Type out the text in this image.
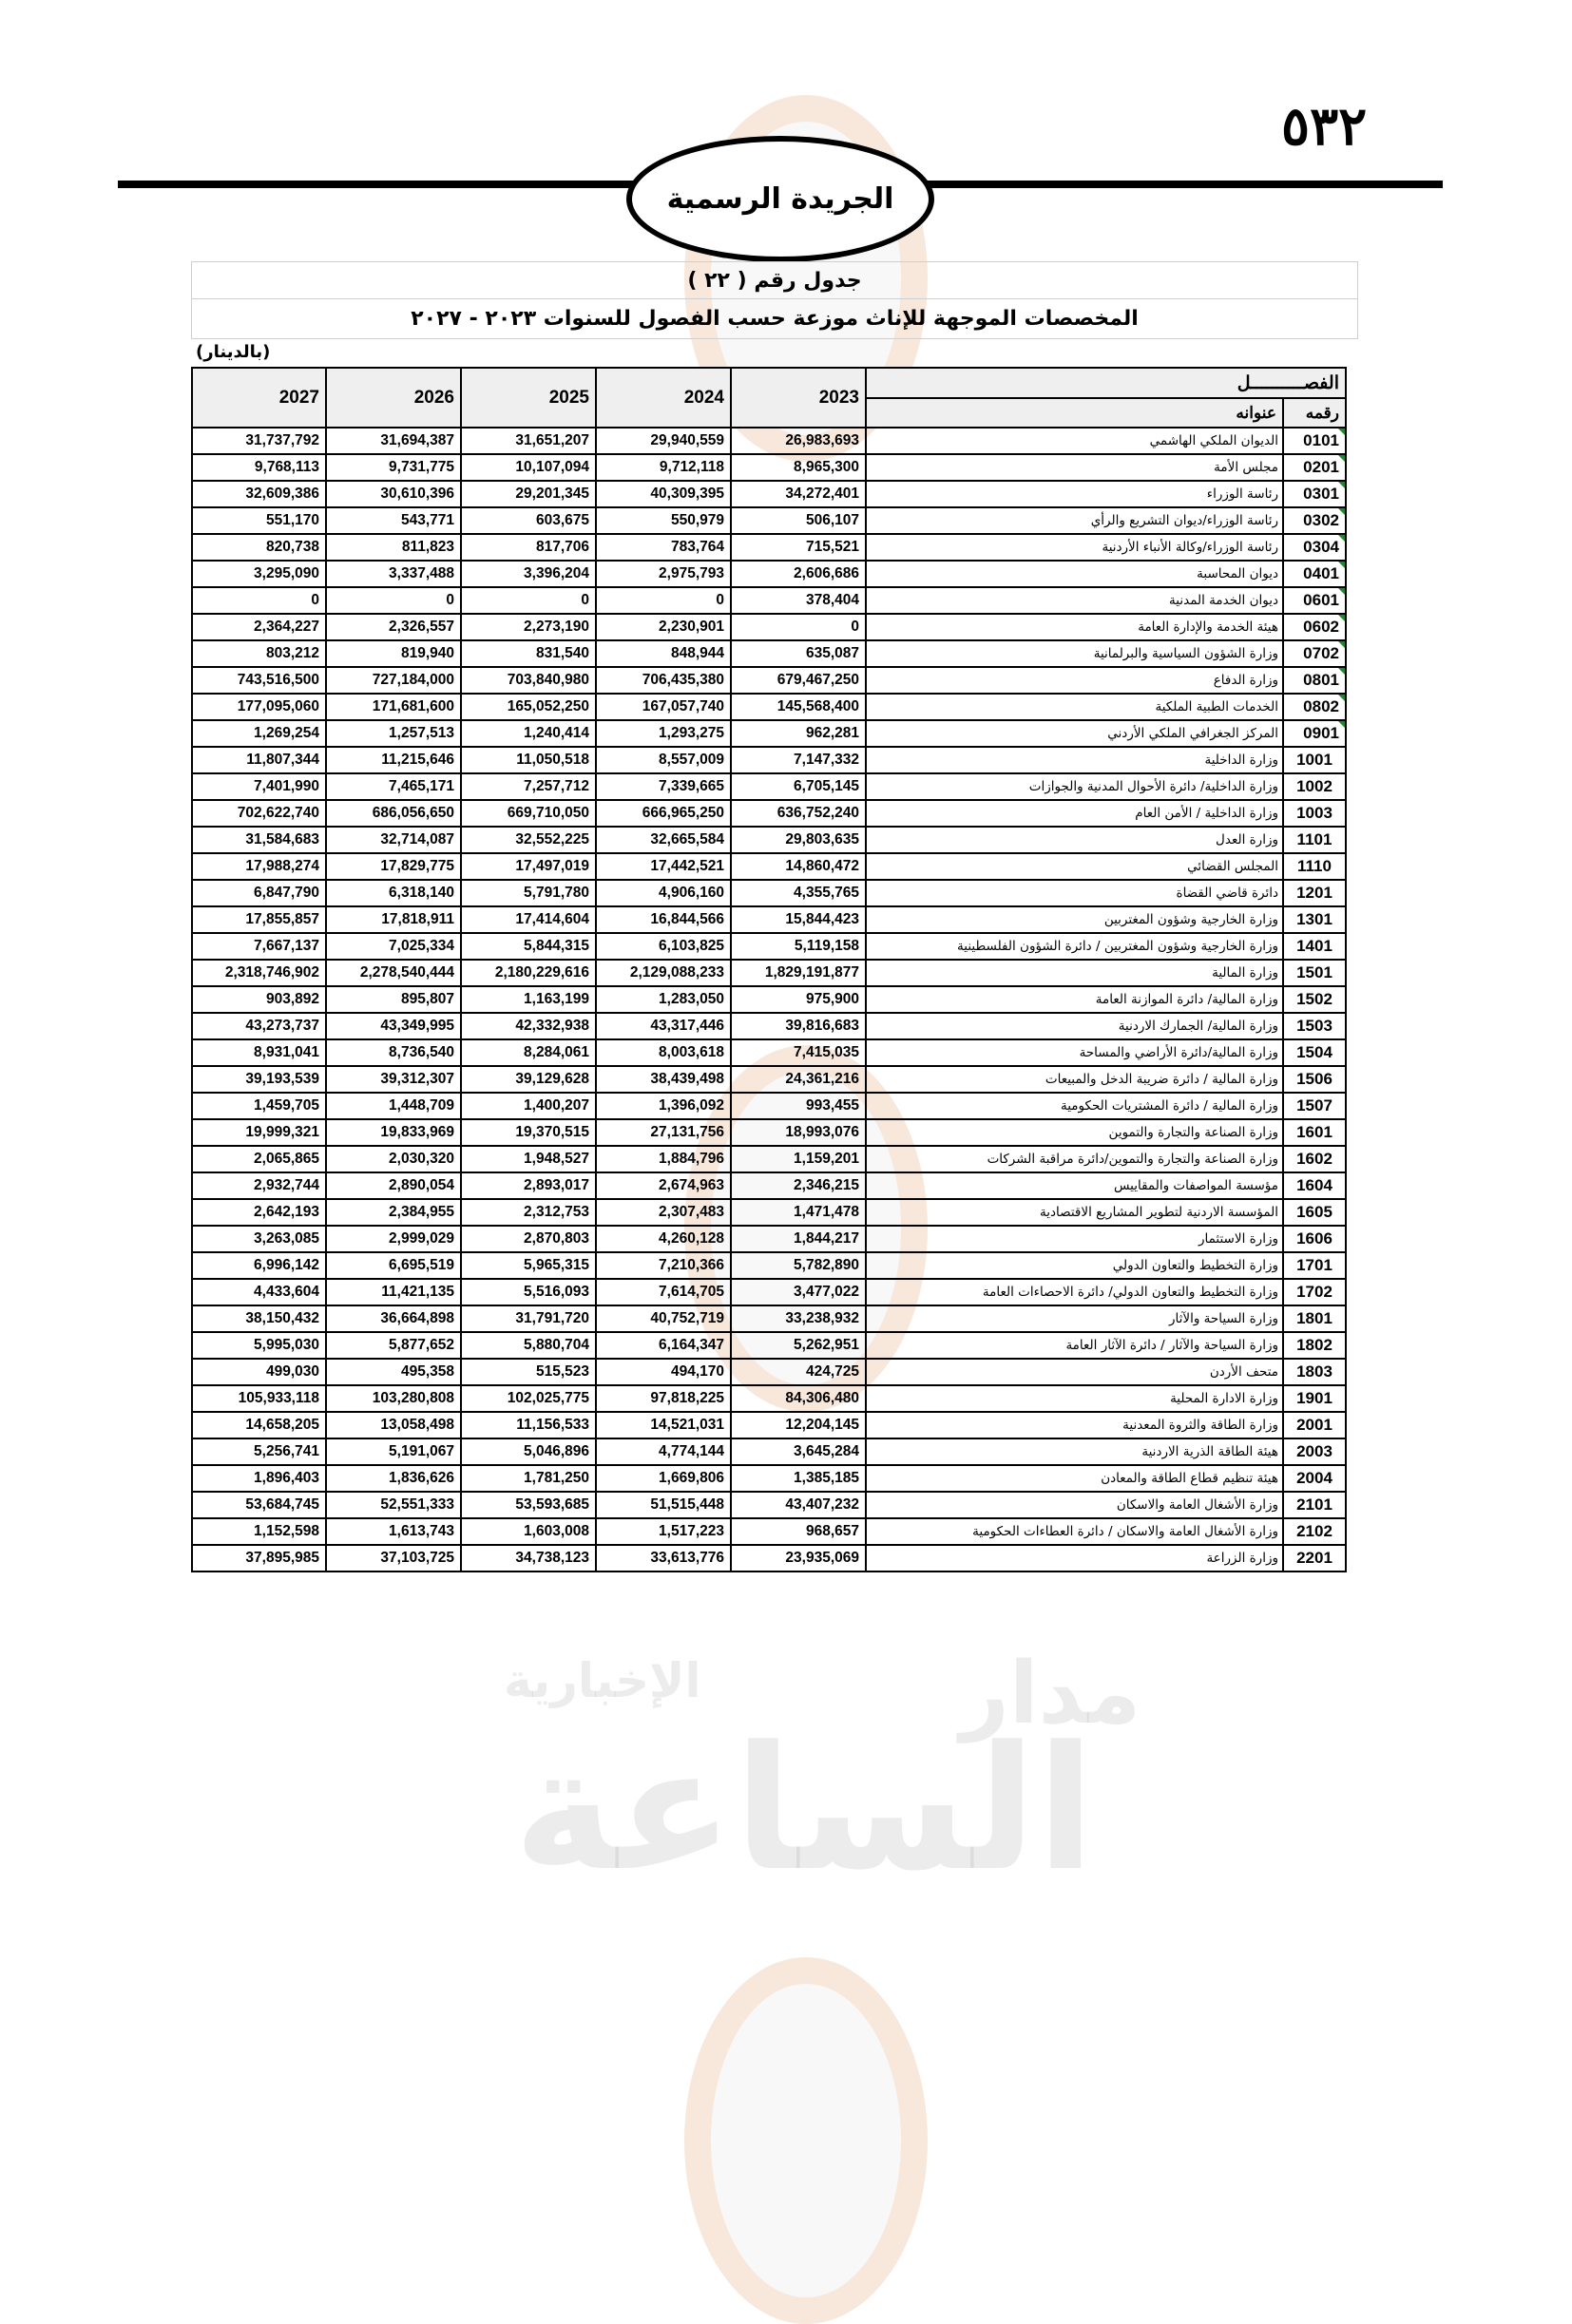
مدار
الساعة
الإخبارية
٥٣٢
الجريدة الرسمية
جدول رقم ( ٢٢ )
المخصصات الموجهة للإناث موزعة حسب الفصول للسنوات ٢٠٢٣ - ٢٠٢٧
(بالدينار)
2027	2026	2025	2024	2023	الفصــــــــــل	
					عنوانه	رقمه
31,737,792	31,694,387	31,651,207	29,940,559	26,983,693	الديوان الملكي الهاشمي	0101
9,768,113	9,731,775	10,107,094	9,712,118	8,965,300	مجلس الأمة	0201
32,609,386	30,610,396	29,201,345	40,309,395	34,272,401	رئاسة الوزراء	0301
551,170	543,771	603,675	550,979	506,107	رئاسة الوزراء/ديوان التشريع والرأي	0302
820,738	811,823	817,706	783,764	715,521	رئاسة الوزراء/وكالة الأنباء الأردنية	0304
3,295,090	3,337,488	3,396,204	2,975,793	2,606,686	ديوان المحاسبة	0401
0	0	0	0	378,404	ديوان الخدمة المدنية	0601
2,364,227	2,326,557	2,273,190	2,230,901	0	هيئة الخدمة والإدارة العامة	0602
803,212	819,940	831,540	848,944	635,087	وزارة الشؤون السياسية والبرلمانية	0702
743,516,500	727,184,000	703,840,980	706,435,380	679,467,250	وزارة الدفاع	0801
177,095,060	171,681,600	165,052,250	167,057,740	145,568,400	الخدمات الطبية الملكية	0802
1,269,254	1,257,513	1,240,414	1,293,275	962,281	المركز الجغرافي الملكي الأردني	0901
11,807,344	11,215,646	11,050,518	8,557,009	7,147,332	وزارة الداخلية	1001
7,401,990	7,465,171	7,257,712	7,339,665	6,705,145	وزارة الداخلية/ دائرة الأحوال المدنية والجوازات	1002
702,622,740	686,056,650	669,710,050	666,965,250	636,752,240	وزارة الداخلية / الأمن العام	1003
31,584,683	32,714,087	32,552,225	32,665,584	29,803,635	وزارة العدل	1101
17,988,274	17,829,775	17,497,019	17,442,521	14,860,472	المجلس القضائي	1110
6,847,790	6,318,140	5,791,780	4,906,160	4,355,765	دائرة قاضي القضاة	1201
17,855,857	17,818,911	17,414,604	16,844,566	15,844,423	وزارة الخارجية وشؤون المغتربين	1301
7,667,137	7,025,334	5,844,315	6,103,825	5,119,158	وزارة الخارجية وشؤون المغتربين / دائرة الشؤون الفلسطينية	1401
2,318,746,902	2,278,540,444	2,180,229,616	2,129,088,233	1,829,191,877	وزارة المالية	1501
903,892	895,807	1,163,199	1,283,050	975,900	وزارة المالية/ دائرة الموازنة العامة	1502
43,273,737	43,349,995	42,332,938	43,317,446	39,816,683	وزارة المالية/ الجمارك الاردنية	1503
8,931,041	8,736,540	8,284,061	8,003,618	7,415,035	وزارة المالية/دائرة الأراضي والمساحة	1504
39,193,539	39,312,307	39,129,628	38,439,498	24,361,216	وزارة المالية / دائرة ضريبة الدخل والمبيعات	1506
1,459,705	1,448,709	1,400,207	1,396,092	993,455	وزارة المالية / دائرة المشتريات الحكومية	1507
19,999,321	19,833,969	19,370,515	27,131,756	18,993,076	وزارة الصناعة والتجارة والتموين	1601
2,065,865	2,030,320	1,948,527	1,884,796	1,159,201	وزارة الصناعة والتجارة والتموين/دائرة مراقبة الشركات	1602
2,932,744	2,890,054	2,893,017	2,674,963	2,346,215	مؤسسة المواصفات والمقاييس	1604
2,642,193	2,384,955	2,312,753	2,307,483	1,471,478	المؤسسة الاردنية لتطوير المشاريع الاقتصادية	1605
3,263,085	2,999,029	2,870,803	4,260,128	1,844,217	وزارة الاستثمار	1606
6,996,142	6,695,519	5,965,315	7,210,366	5,782,890	وزارة التخطيط والتعاون الدولي	1701
4,433,604	11,421,135	5,516,093	7,614,705	3,477,022	وزارة التخطيط والتعاون الدولي/ دائرة الاحصاءات العامة	1702
38,150,432	36,664,898	31,791,720	40,752,719	33,238,932	وزارة السياحة والآثار	1801
5,995,030	5,877,652	5,880,704	6,164,347	5,262,951	وزارة السياحة والآثار / دائرة الآثار العامة	1802
499,030	495,358	515,523	494,170	424,725	متحف الأردن	1803
105,933,118	103,280,808	102,025,775	97,818,225	84,306,480	وزارة الادارة المحلية	1901
14,658,205	13,058,498	11,156,533	14,521,031	12,204,145	وزارة الطاقة والثروة المعدنية	2001
5,256,741	5,191,067	5,046,896	4,774,144	3,645,284	هيئة الطاقة الذرية الاردنية	2003
1,896,403	1,836,626	1,781,250	1,669,806	1,385,185	هيئة تنظيم قطاع الطاقة والمعادن	2004
53,684,745	52,551,333	53,593,685	51,515,448	43,407,232	وزارة الأشغال العامة والاسكان	2101
1,152,598	1,613,743	1,603,008	1,517,223	968,657	وزارة الأشغال العامة والاسكان / دائرة العطاءات الحكومية	2102
37,895,985	37,103,725	34,738,123	33,613,776	23,935,069	وزارة الزراعة	2201
